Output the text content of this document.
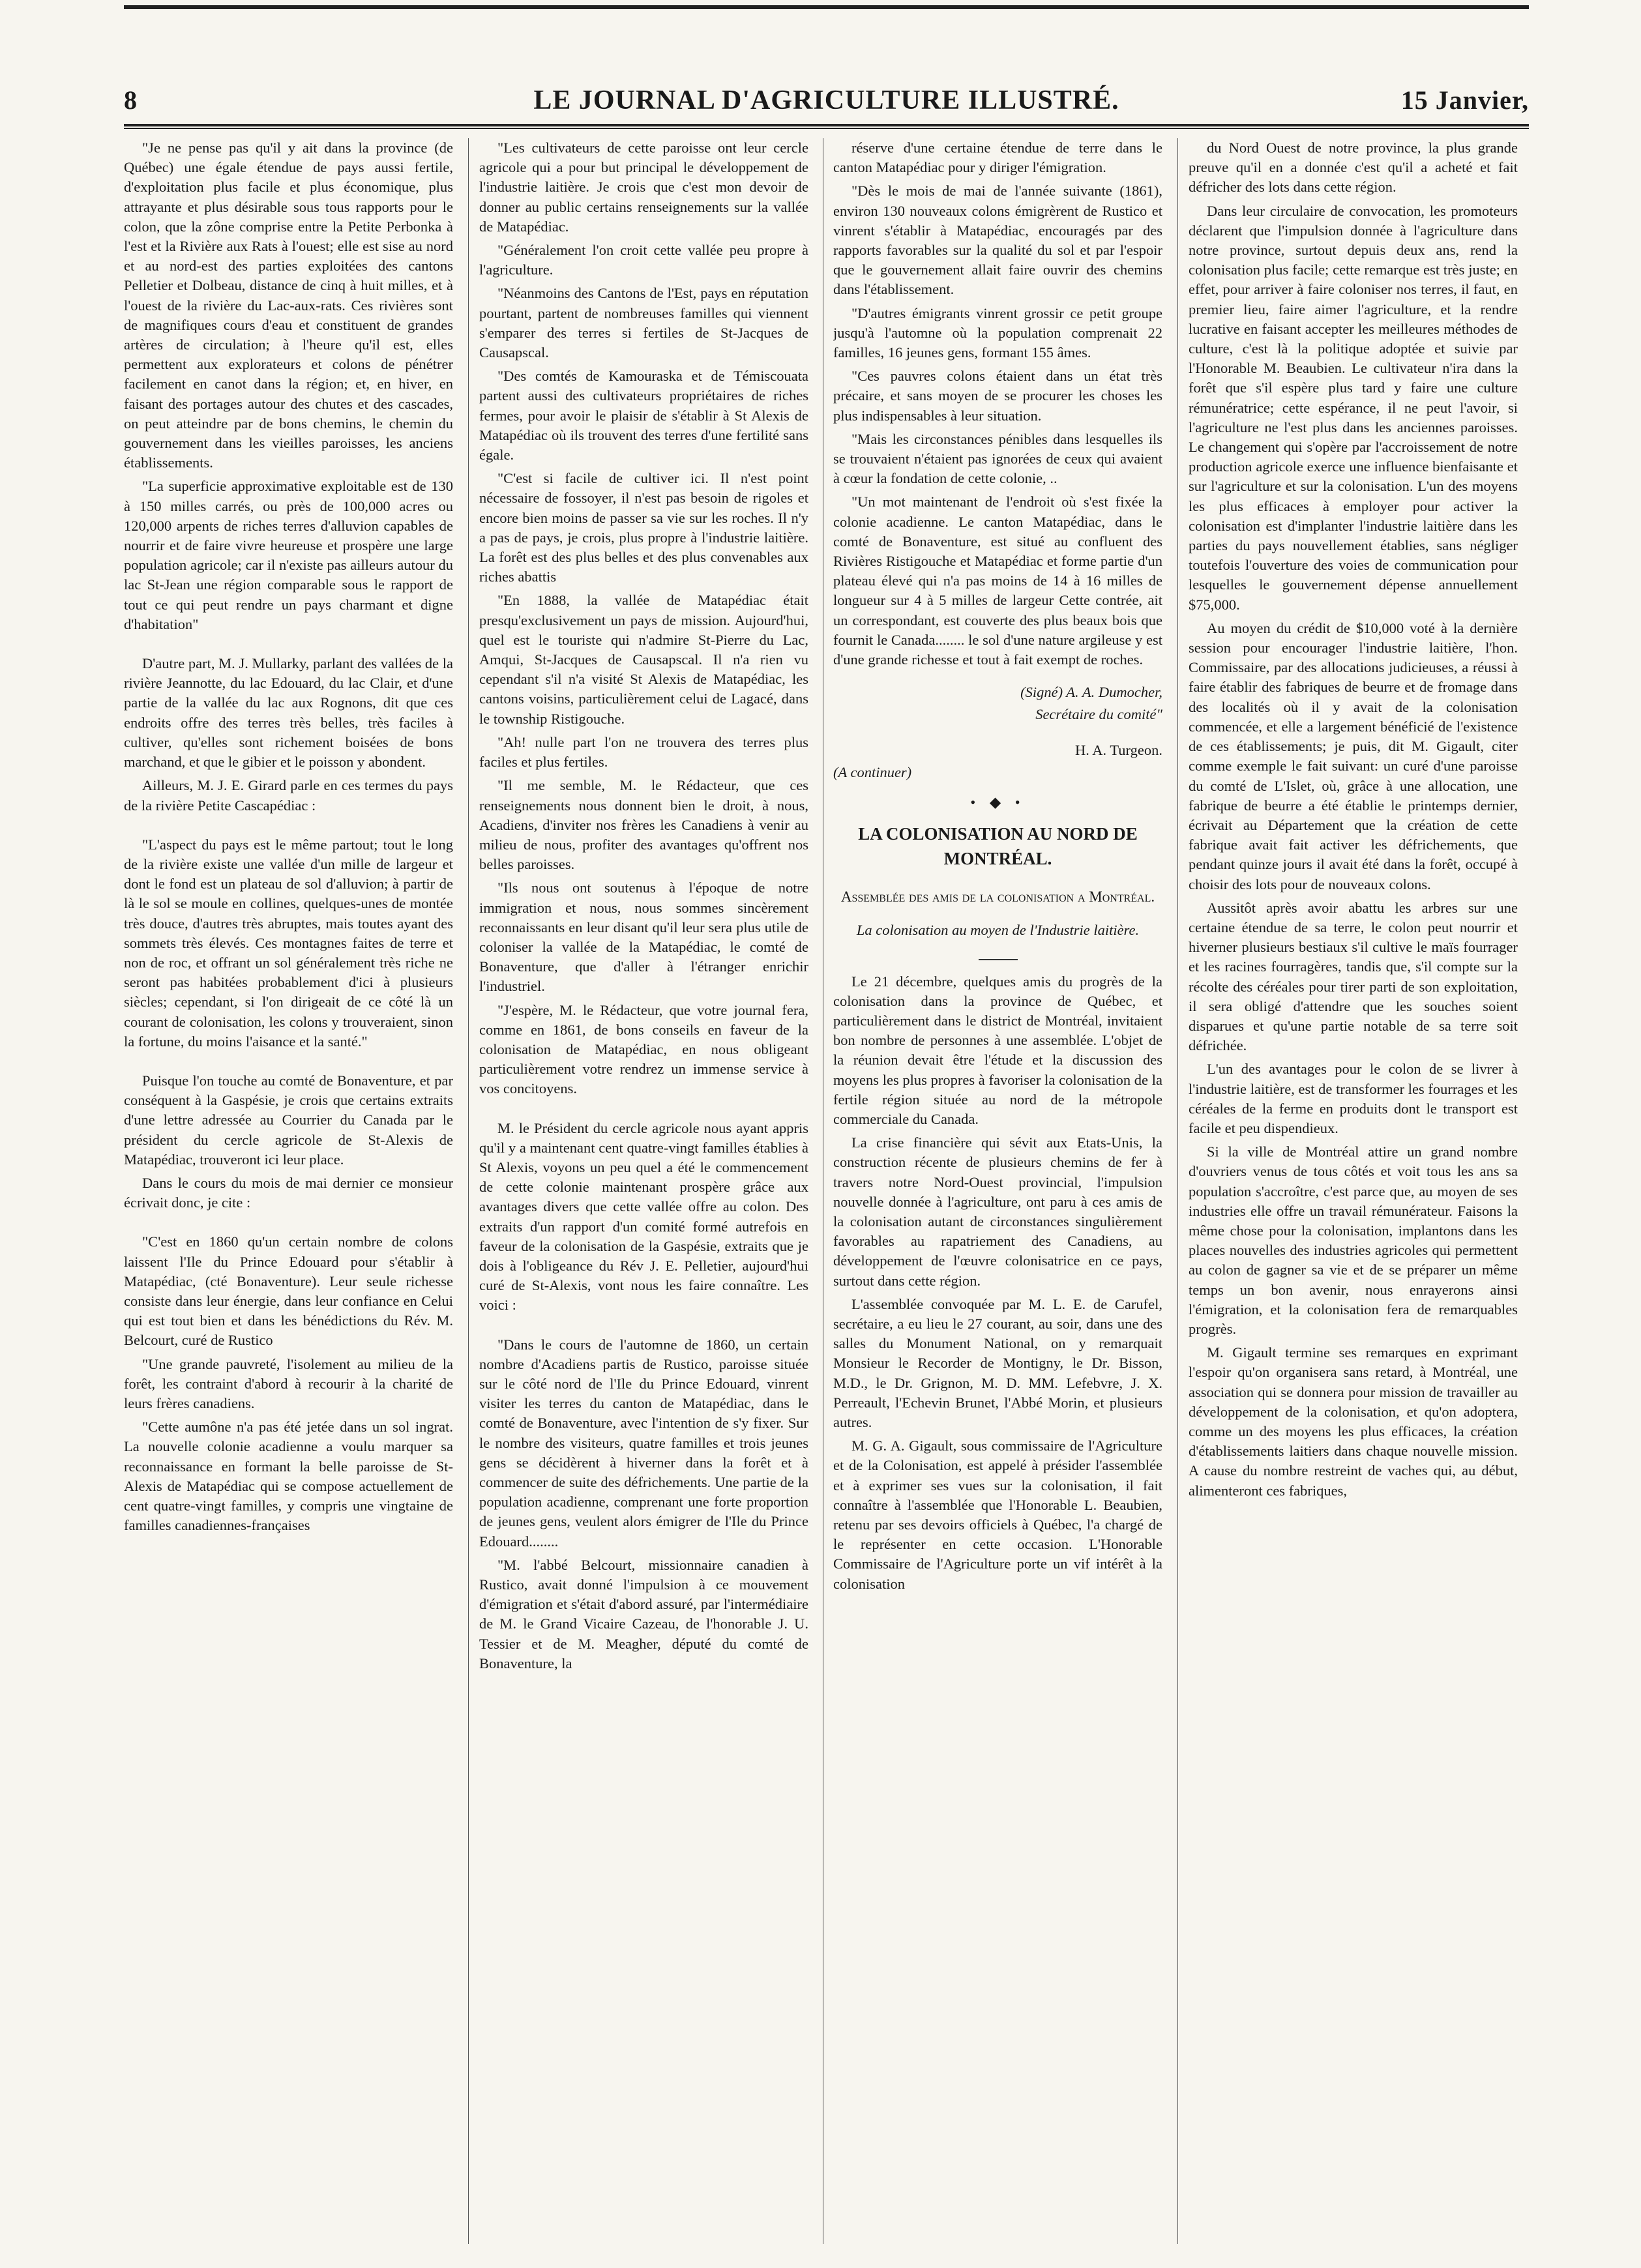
8	LE JOURNAL D'AGRICULTURE ILLUSTRÉ.	15 Janvier,

"Je ne pense pas qu'il y ait dans la province (de Québec) une égale étendue de pays aussi fertile, d'exploitation plus facile et plus économique, plus attrayante et plus désirable sous tous rapports pour le colon, que la zône comprise entre la Petite Perbonka à l'est et la Rivière aux Rats à l'ouest; elle est sise au nord et au nord-est des parties exploitées des cantons Pelletier et Dolbeau, distance de cinq à huit milles, et à l'ouest de la rivière du Lac-aux-rats. Ces rivières sont de magnifiques cours d'eau et constituent de grandes artères de circulation; à l'heure qu'il est, elles permettent aux explorateurs et colons de pénétrer facilement en canot dans la région; et, en hiver, en faisant des portages autour des chutes et des cascades, on peut atteindre par de bons chemins, le chemin du gouvernement dans les vieilles paroisses, les anciens établissements.

"La superficie approximative exploitable est de 130 à 150 milles carrés, ou près de 100,000 acres ou 120,000 arpents de riches terres d'alluvion capables de nourrir et de faire vivre heureuse et prospère une large population agricole; car il n'existe pas ailleurs autour du lac St-Jean une région comparable sous le rapport de tout ce qui peut rendre un pays charmant et digne d'habitation"

D'autre part, M. J. Mullarky, parlant des vallées de la rivière Jeannotte, du lac Edouard, du lac Clair, et d'une partie de la vallée du lac aux Rognons, dit que ces endroits offre des terres très belles, très faciles à cultiver, qu'elles sont richement boisées de bons marchand, et que le gibier et le poisson y abondent.

Ailleurs, M. J. E. Girard parle en ces termes du pays de la rivière Petite Cascapédiac :

"L'aspect du pays est le même partout; tout le long de la rivière existe une vallée d'un mille de largeur et dont le fond est un plateau de sol d'alluvion; à partir de là le sol se moule en collines, quelques-unes de montée très douce, d'autres très abruptes, mais toutes ayant des sommets très élevés. Ces montagnes faites de terre et non de roc, et offrant un sol généralement très riche ne seront pas habitées probablement d'ici à plusieurs siècles; cependant, si l'on dirigeait de ce côté là un courant de colonisation, les colons y trouveraient, sinon la fortune, du moins l'aisance et la santé."

Puisque l'on touche au comté de Bonaventure, et par conséquent à la Gaspésie, je crois que certains extraits d'une lettre adressée au Courrier du Canada par le président du cercle agricole de St-Alexis de Matapédiac, trouveront ici leur place.

Dans le cours du mois de mai dernier ce monsieur écrivait donc, je cite :

"C'est en 1860 qu'un certain nombre de colons laissent l'Ile du Prince Edouard pour s'établir à Matapédiac, (cté Bonaventure). Leur seule richesse consiste dans leur énergie, dans leur confiance en Celui qui est tout bien et dans les bénédictions du Rév. M. Belcourt, curé de Rustico

"Une grande pauvreté, l'isolement au milieu de la forêt, les contraint d'abord à recourir à la charité de leurs frères canadiens.

"Cette aumône n'a pas été jetée dans un sol ingrat. La nouvelle colonie acadienne a voulu marquer sa reconnaissance en formant la belle paroisse de St-Alexis de Matapédiac qui se compose actuellement de cent quatre-vingt familles, y compris une vingtaine de familles canadiennes-françaises

"Les cultivateurs de cette paroisse ont leur cercle agricole qui a pour but principal le développement de l'industrie laitière. Je crois que c'est mon devoir de donner au public certains renseignements sur la vallée de Matapédiac.

"Généralement l'on croit cette vallée peu propre à l'agriculture.

"Néanmoins des Cantons de l'Est, pays en réputation pourtant, partent de nombreuses familles qui viennent s'emparer des terres si fertiles de St-Jacques de Causapscal.

"Des comtés de Kamouraska et de Témiscouata partent aussi des cultivateurs propriétaires de riches fermes, pour avoir le plaisir de s'établir à St Alexis de Matapédiac où ils trouvent des terres d'une fertilité sans égale.

"C'est si facile de cultiver ici. Il n'est point nécessaire de fossoyer, il n'est pas besoin de rigoles et encore bien moins de passer sa vie sur les roches. Il n'y a pas de pays, je crois, plus propre à l'industrie laitière. La forêt est des plus belles et des plus convenables aux riches abattis

"En 1888, la vallée de Matapédiac était presqu'exclusivement un pays de mission. Aujourd'hui, quel est le touriste qui n'admire St-Pierre du Lac, Amqui, St-Jacques de Causapscal. Il n'a rien vu cependant s'il n'a visité St Alexis de Matapédiac, les cantons voisins, particulièrement celui de Lagacé, dans le township Ristigouche.

"Ah! nulle part l'on ne trouvera des terres plus faciles et plus fertiles.

"Il me semble, M. le Rédacteur, que ces renseignements nous donnent bien le droit, à nous, Acadiens, d'inviter nos frères les Canadiens à venir au milieu de nous, profiter des avantages qu'offrent nos belles paroisses.

"Ils nous ont soutenus à l'époque de notre immigration et nous, nous sommes sincèrement reconnaissants en leur disant qu'il leur sera plus utile de coloniser la vallée de la Matapédiac, le comté de Bonaventure, que d'aller à l'étranger enrichir l'industriel.

"J'espère, M. le Rédacteur, que votre journal fera, comme en 1861, de bons conseils en faveur de la colonisation de Matapédiac, en nous obligeant particulièrement votre rendrez un immense service à vos concitoyens.

M. le Président du cercle agricole nous ayant appris qu'il y a maintenant cent quatre-vingt familles établies à St Alexis, voyons un peu quel a été le commencement de cette colonie maintenant prospère grâce aux avantages divers que cette vallée offre au colon. Des extraits d'un rapport d'un comité formé autrefois en faveur de la colonisation de la Gaspésie, extraits que je dois à l'obligeance du Rév J. E. Pelletier, aujourd'hui curé de St-Alexis, vont nous les faire connaître. Les voici :

"Dans le cours de l'automne de 1860, un certain nombre d'Acadiens partis de Rustico, paroisse située sur le côté nord de l'Ile du Prince Edouard, vinrent visiter les terres du canton de Matapédiac, dans le comté de Bonaventure, avec l'intention de s'y fixer. Sur le nombre des visiteurs, quatre familles et trois jeunes gens se décidèrent à hiverner dans la forêt et à commencer de suite des défrichements. Une partie de la population acadienne, comprenant une forte proportion de jeunes gens, veulent alors émigrer de l'Ile du Prince Edouard........

"M. l'abbé Belcourt, missionnaire canadien à Rustico, avait donné l'impulsion à ce mouvement d'émigration et s'était d'abord assuré, par l'intermédiaire de M. le Grand Vicaire Cazeau, de l'honorable J. U. Tessier et de M. Meagher, député du comté de Bonaventure, la

réserve d'une certaine étendue de terre dans le canton Matapédiac pour y diriger l'émigration.

"Dès le mois de mai de l'année suivante (1861), environ 130 nouveaux colons émigrèrent de Rustico et vinrent s'établir à Matapédiac, encouragés par des rapports favorables sur la qualité du sol et par l'espoir que le gouvernement allait faire ouvrir des chemins dans l'établissement.

"D'autres émigrants vinrent grossir ce petit groupe jusqu'à l'automne où la population comprenait 22 familles, 16 jeunes gens, formant 155 âmes.

"Ces pauvres colons étaient dans un état très précaire, et sans moyen de se procurer les choses les plus indispensables à leur situation.

"Mais les circonstances pénibles dans lesquelles ils se trouvaient n'étaient pas ignorées de ceux qui avaient à cœur la fondation de cette colonie, ..

"Un mot maintenant de l'endroit où s'est fixée la colonie acadienne. Le canton Matapédiac, dans le comté de Bonaventure, est situé au confluent des Rivières Ristigouche et Matapédiac et forme partie d'un plateau élevé qui n'a pas moins de 14 à 16 milles de longueur sur 4 à 5 milles de largeur Cette contrée, ait un correspondant, est couverte des plus beaux bois que fournit le Canada........ le sol d'une nature argileuse y est d'une grande richesse et tout à fait exempt de roches.

(Signé) A. A. Dumocher,
Secrétaire du comité"
H. A. Turgeon.
(A continuer)
• ◆ •
LA COLONISATION AU NORD DE MONTRÉAL.
Assemblée des amis de la colonisation a Montréal.
La colonisation au moyen de l'Industrie laitière.

Le 21 décembre, quelques amis du progrès de la colonisation dans la province de Québec, et particulièrement dans le district de Montréal, invitaient bon nombre de personnes à une assemblée. L'objet de la réunion devait être l'étude et la discussion des moyens les plus propres à favoriser la colonisation de la fertile région située au nord de la métropole commerciale du Canada.

La crise financière qui sévit aux Etats-Unis, la construction récente de plusieurs chemins de fer à travers notre Nord-Ouest provincial, l'impulsion nouvelle donnée à l'agriculture, ont paru à ces amis de la colonisation autant de circonstances singulièrement favorables au rapatriement des Canadiens, au développement de l'œuvre colonisatrice en ce pays, surtout dans cette région.

L'assemblée convoquée par M. L. E. de Carufel, secrétaire, a eu lieu le 27 courant, au soir, dans une des salles du Monument National, on y remarquait Monsieur le Recorder de Montigny, le Dr. Bisson, M.D., le Dr. Grignon, M. D. MM. Lefebvre, J. X. Perreault, l'Echevin Brunet, l'Abbé Morin, et plusieurs autres.

M. G. A. Gigault, sous commissaire de l'Agriculture et de la Colonisation, est appelé à présider l'assemblée et à exprimer ses vues sur la colonisation, il fait connaître à l'assemblée que l'Honorable L. Beaubien, retenu par ses devoirs officiels à Québec, l'a chargé de le représenter en cette occasion. L'Honorable Commissaire de l'Agriculture porte un vif intérêt à la colonisation

du Nord Ouest de notre province, la plus grande preuve qu'il en a donnée c'est qu'il a acheté et fait défricher des lots dans cette région.

Dans leur circulaire de convocation, les promoteurs déclarent que l'impulsion donnée à l'agriculture dans notre province, surtout depuis deux ans, rend la colonisation plus facile; cette remarque est très juste; en effet, pour arriver à faire coloniser nos terres, il faut, en premier lieu, faire aimer l'agriculture, et la rendre lucrative en faisant accepter les meilleures méthodes de culture, c'est là la politique adoptée et suivie par l'Honorable M. Beaubien. Le cultivateur n'ira dans la forêt que s'il espère plus tard y faire une culture rémunératrice; cette espérance, il ne peut l'avoir, si l'agriculture ne l'est plus dans les anciennes paroisses. Le changement qui s'opère par l'accroissement de notre production agricole exerce une influence bienfaisante et sur l'agriculture et sur la colonisation. L'un des moyens les plus efficaces à employer pour activer la colonisation est d'implanter l'industrie laitière dans les parties du pays nouvellement établies, sans négliger toutefois l'ouverture des voies de communication pour lesquelles le gouvernement dépense annuellement $75,000.

Au moyen du crédit de $10,000 voté à la dernière session pour encourager l'industrie laitière, l'hon. Commissaire, par des allocations judicieuses, a réussi à faire établir des fabriques de beurre et de fromage dans des localités où il y avait de la colonisation commencée, et elle a largement bénéficié de l'existence de ces établissements; je puis, dit M. Gigault, citer comme exemple le fait suivant: un curé d'une paroisse du comté de L'Islet, où, grâce à une allocation, une fabrique de beurre a été établie le printemps dernier, écrivait au Département que la création de cette fabrique avait fait activer les défrichements, que pendant quinze jours il avait été dans la forêt, occupé à choisir des lots pour de nouveaux colons.

Aussitôt après avoir abattu les arbres sur une certaine étendue de sa terre, le colon peut nourrir et hiverner plusieurs bestiaux s'il cultive le maïs fourrager et les racines fourragères, tandis que, s'il compte sur la récolte des céréales pour tirer parti de son exploitation, il sera obligé d'attendre que les souches soient disparues et qu'une partie notable de sa terre soit défrichée.

L'un des avantages pour le colon de se livrer à l'industrie laitière, est de transformer les fourrages et les céréales de la ferme en produits dont le transport est facile et peu dispendieux.

Si la ville de Montréal attire un grand nombre d'ouvriers venus de tous côtés et voit tous les ans sa population s'accroître, c'est parce que, au moyen de ses industries elle offre un travail rémunérateur. Faisons la même chose pour la colonisation, implantons dans les places nouvelles des industries agricoles qui permettent au colon de gagner sa vie et de se préparer un même temps un bon avenir, nous enrayerons ainsi l'émigration, et la colonisation fera de remarquables progrès.

M. Gigault termine ses remarques en exprimant l'espoir qu'on organisera sans retard, à Montréal, une association qui se donnera pour mission de travailler au développement de la colonisation, et qu'on adoptera, comme un des moyens les plus efficaces, la création d'établissements laitiers dans chaque nouvelle mission. A cause du nombre restreint de vaches qui, au début, alimenteront ces fabriques,
